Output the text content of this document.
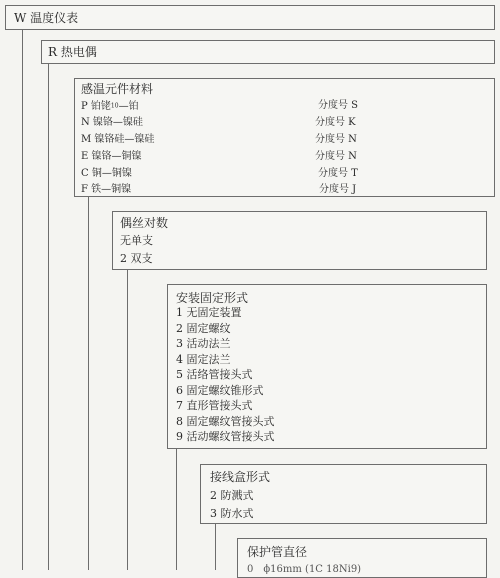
W 温度仪表
R 热电偶
感温元件材料
P 铂铑10—铂	分度号 S
N 镍铬—镍硅	分度号 K
M 镍铬硅—镍硅	分度号 N
E 镍铬—铜镍	分度号 N
C 铜—铜镍	分度号 T
F 铁—铜镍	分度号 J
偶丝对数
无单支
2 双支
安装固定形式
1 无固定装置
2 固定螺纹
3 活动法兰
4 固定法兰
5 活络管接头式
6 固定螺纹锥形式
7 直形管接头式
8 固定螺纹管接头式
9 活动螺纹管接头式
接线盒形式
2 防溅式
3 防水式
保护管直径
0　ϕ16mm (1C 18Ni9)
